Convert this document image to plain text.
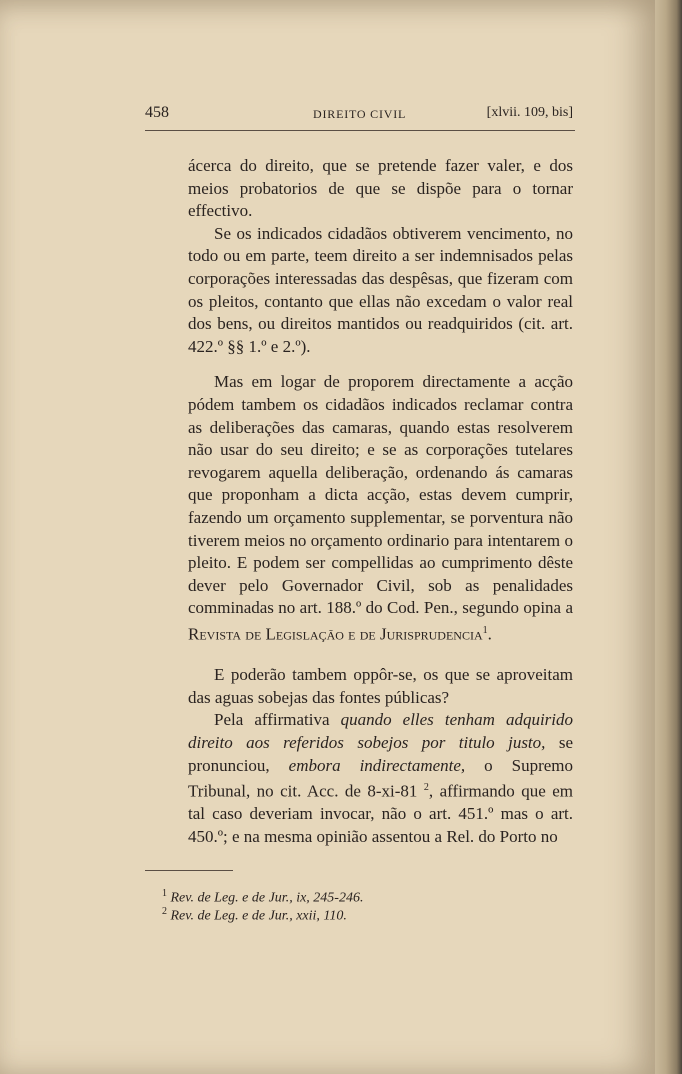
458	DIREITO CIVIL	[xlvii. 109, bis]

ácerca do direito, que se pretende fazer valer, e dos meios probatorios de que se dispõe para o tornar effectivo.

Se os indicados cidadãos obtiverem vencimento, no todo ou em parte, teem direito a ser indemnisados pelas corporações interessadas das despêsas, que fizeram com os pleitos, contanto que ellas não excedam o valor real dos bens, ou direitos mantidos ou readquiridos (cit. art. 422.º §§ 1.º e 2.º).

Mas em logar de proporem directamente a acção pódem tambem os cidadãos indicados reclamar contra as deliberações das camaras, quando estas resolverem não usar do seu direito; e se as corporações tutelares revogarem aquella deliberação, ordenando ás camaras que proponham a dicta acção, estas devem cumprir, fazendo um orçamento supplementar, se porventura não tiverem meios no orçamento ordinario para intentarem o pleito. E podem ser compellidas ao cumprimento dêste dever pelo Governador Civil, sob as penalidades comminadas no art. 188.º do Cod. Pen., segundo opina a Revista de Legislação e de Jurisprudencia$^1$.

E poderão tambem oppôr-se, os que se aproveitam das aguas sobejas das fontes públicas?

Pela affirmativa quando elles tenham adquirido direito aos referidos sobejos por titulo justo, se pronunciou, embora indirectamente, o Supremo Tribunal, no cit. Acc. de 8-xi-81 $^2$, affirmando que em tal caso deveriam invocar, não o art. 451.º mas o art. 450.º; e na mesma opinião assentou a Rel. do Porto no

$^1$ Rev. de Leg. e de Jur., ix, 245-246.
$^2$ Rev. de Leg. e de Jur., xxii, 110.
